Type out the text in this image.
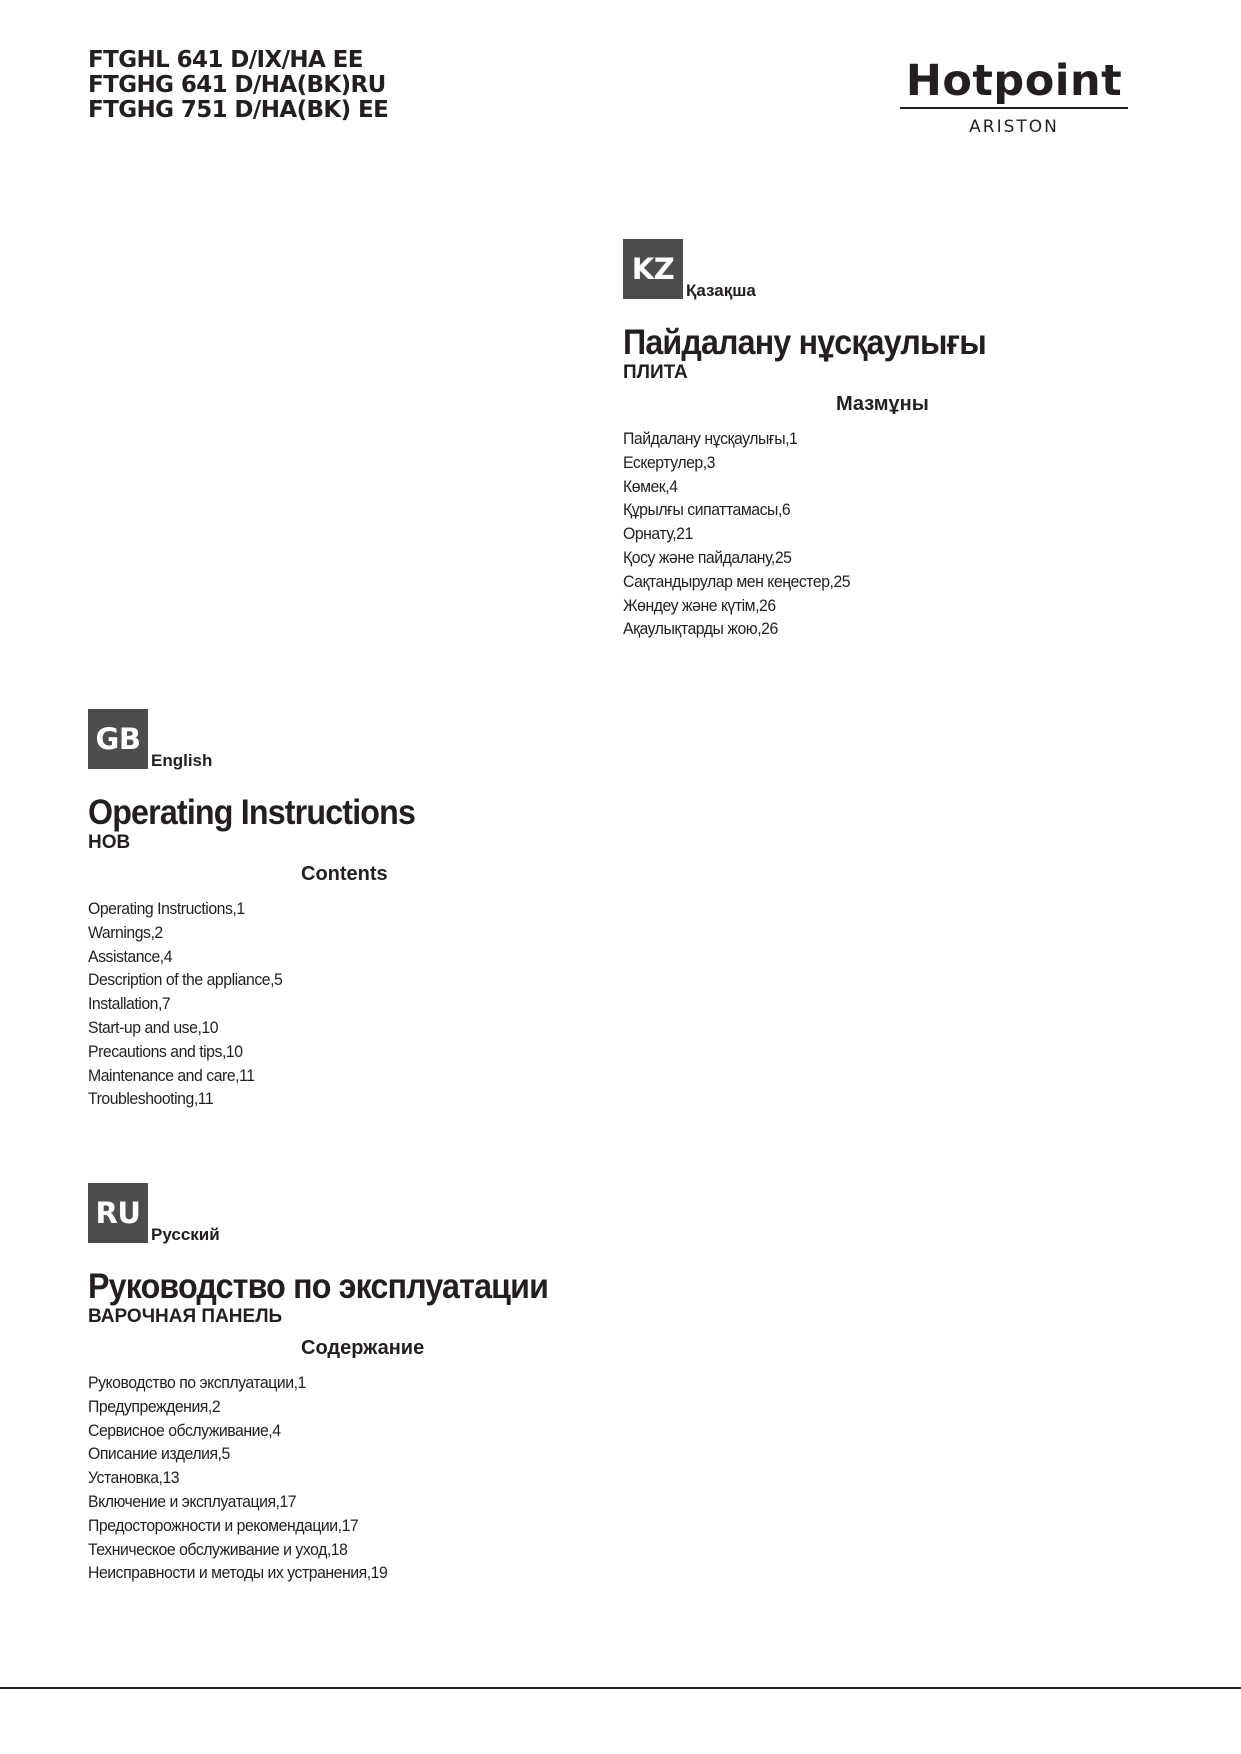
FTGHL 641 D/IX/HA EE
FTGHG 641 D/HA(BK)RU
FTGHG 751 D/HA(BK) EE
Hotpoint
ARISTON
KZ
Қазақша
Пайдалану нұсқаулығы
ПЛИТА
Мазмұны
Пайдалану нұсқаулығы,1
Ескертулер,3
Көмек,4
Құрылғы сипаттамасы,6
Орнату,21
Қосу және пайдалану,25
Сақтандырулар мен кеңестер,25
Жөндеу және күтім,26
Ақаулықтарды жою,26
GB
English
Operating Instructions
HOB
Contents
Operating Instructions,1
Warnings,2
Assistance,4
Description of the appliance,5
Installation,7
Start-up and use,10
Precautions and tips,10
Maintenance and care,11
Troubleshooting,11
RU
Русский
Руководство по эксплуатации
ВАРОЧНАЯ ПАНЕЛЬ
Содержание
Руководство по эксплуатации,1
Предупреждения,2
Сервисное обслуживание,4
Описание изделия,5
Установка,13
Включение и эксплуатация,17
Предосторожности и рекомендации,17
Техническое обслуживание и уход,18
Неисправности и методы их устранения,19
